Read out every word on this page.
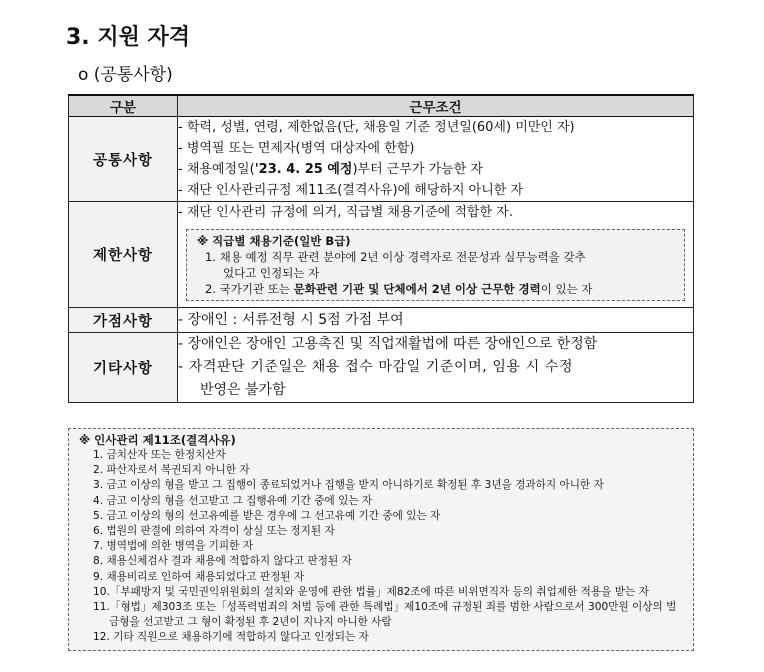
3. 지원 자격
o (공통사항)
구분	근무조건
공통사항	- 학력, 성별, 연령, 제한없음(단, 채용일 기준 정년일(60세) 미만인 자)
- 병역필 또는 면제자(병역 대상자에 한함)
- 채용예정일('23. 4. 25 예정)부터 근무가 가능한 자
- 재단 인사관리규정 제11조(결격사유)에 해당하지 아니한 자

제한사항	- 재단 인사관리 규정에 의거, 직급별 채용기준에 적합한 자.
※ 직급별 채용기준(일반 B급)
1. 채용 예정 직무 관련 분야에 2년 이상 경력자로 전문성과 실무능력을 갖추
었다고 인정되는 자
2. 국가기관 또는 문화관련 기관 및 단체에서 2년 이상 근무한 경력이 있는 자

가점사항	- 장애인 : 서류전형 시 5점 가점 부여

기타사항	- 장애인은 장애인 고용촉진 및 직업재활법에 따른 장애인으로 한정함
- 자격판단 기준일은 채용 접수 마감일 기준이며, 임용 시 수정
반영은 불가함
※ 인사관리 제11조(결격사유)
1. 금치산자 또는 한정치산자
2. 파산자로서 복권되지 아니한 자
3. 금고 이상의 형을 받고 그 집행이 종료되었거나 집행을 받지 아니하기로 확정된 후 3년을 경과하지 아니한 자
4. 금고 이상의 형을 선고받고 그 집행유예 기간 중에 있는 자
5. 금고 이상의 형의 선고유예를 받은 경우에 그 선고유예 기간 중에 있는 자
6. 법원의 판결에 의하여 자격이 상실 또는 정지된 자
7. 병역법에 의한 병역을 기피한 자
8. 채용신체검사 결과 채용에 적합하지 않다고 판정된 자
9. 채용비리로 인하여 채용되었다고 판정된 자
10.「부패방지 및 국민권익위원회의 설치와 운영에 관한 법률」제82조에 따른 비위면직자 등의 취업제한 적용을 받는 자
11.「형법」제303조 또는「성폭력범죄의 처벌 등에 관한 특례법」제10조에 규정된 죄를 범한 사람으로서 300만원 이상의 벌
금형을 선고받고 그 형이 확정된 후 2년이 지나지 아니한 사람
12. 기타 직원으로 채용하기에 적합하지 않다고 인정되는 자
